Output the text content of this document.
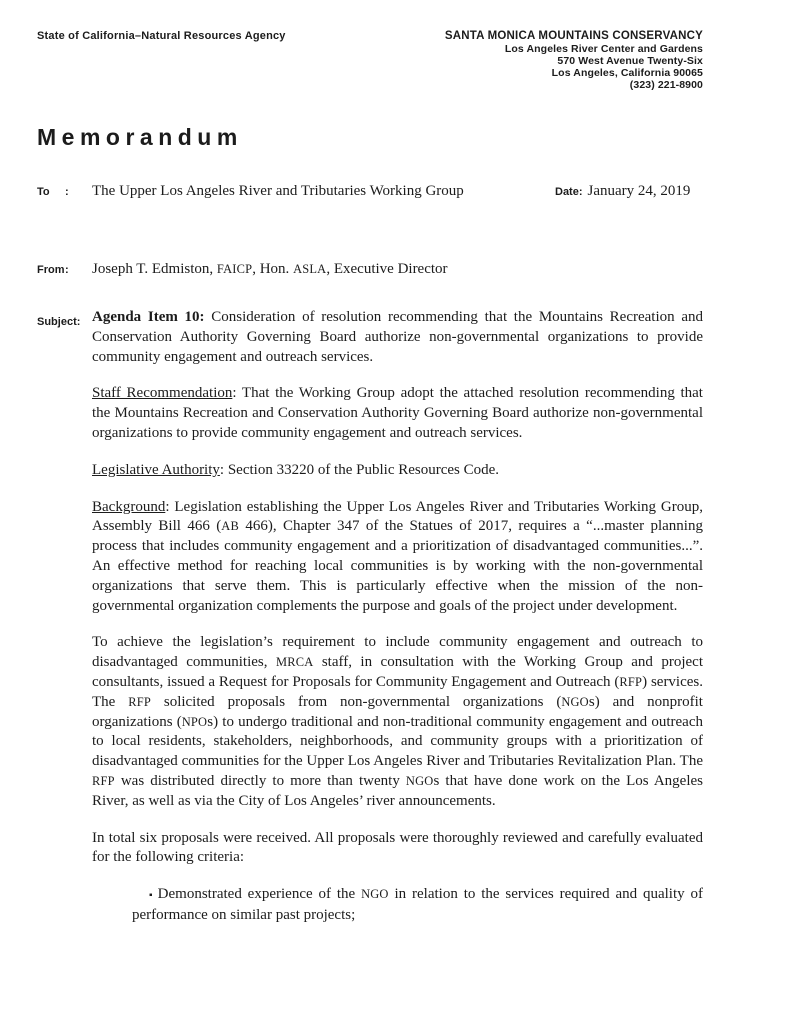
State of California–Natural Resources Agency	SANTA MONICA MOUNTAINS CONSERVANCY
Los Angeles River Center and Gardens
570 West Avenue Twenty-Six
Los Angeles, California 90065
(323) 221-8900
Memorandum
To : The Upper Los Angeles River and Tributaries Working Group	Date: January 24, 2019
From: Joseph T. Edmiston, FAICP, Hon. ASLA, Executive Director
Subject: Agenda Item 10: Consideration of resolution recommending that the Mountains Recreation and Conservation Authority Governing Board authorize non-governmental organizations to provide community engagement and outreach services.

Staff Recommendation: That the Working Group adopt the attached resolution recommending that the Mountains Recreation and Conservation Authority Governing Board authorize non-governmental organizations to provide community engagement and outreach services.

Legislative Authority: Section 33220 of the Public Resources Code.

Background: Legislation establishing the Upper Los Angeles River and Tributaries Working Group, Assembly Bill 466 (AB 466), Chapter 347 of the Statues of 2017, requires a “...master planning process that includes community engagement and a prioritization of disadvantaged communities...”. An effective method for reaching local communities is by working with the non-governmental organizations that serve them. This is particularly effective when the mission of the non-governmental organization complements the purpose and goals of the project under development.

To achieve the legislation’s requirement to include community engagement and outreach to disadvantaged communities, MRCA staff, in consultation with the Working Group and project consultants, issued a Request for Proposals for Community Engagement and Outreach (RFP) services. The RFP solicited proposals from non-governmental organizations (NGOs) and nonprofit organizations (NPOs) to undergo traditional and non-traditional community engagement and outreach to local residents, stakeholders, neighborhoods, and community groups with a prioritization of disadvantaged communities for the Upper Los Angeles River and Tributaries Revitalization Plan. The RFP was distributed directly to more than twenty NGOs that have done work on the Los Angeles River, as well as via the City of Los Angeles’ river announcements.

In total six proposals were received. All proposals were thoroughly reviewed and carefully evaluated for the following criteria:

▪ Demonstrated experience of the NGO in relation to the services required and quality of performance on similar past projects;
